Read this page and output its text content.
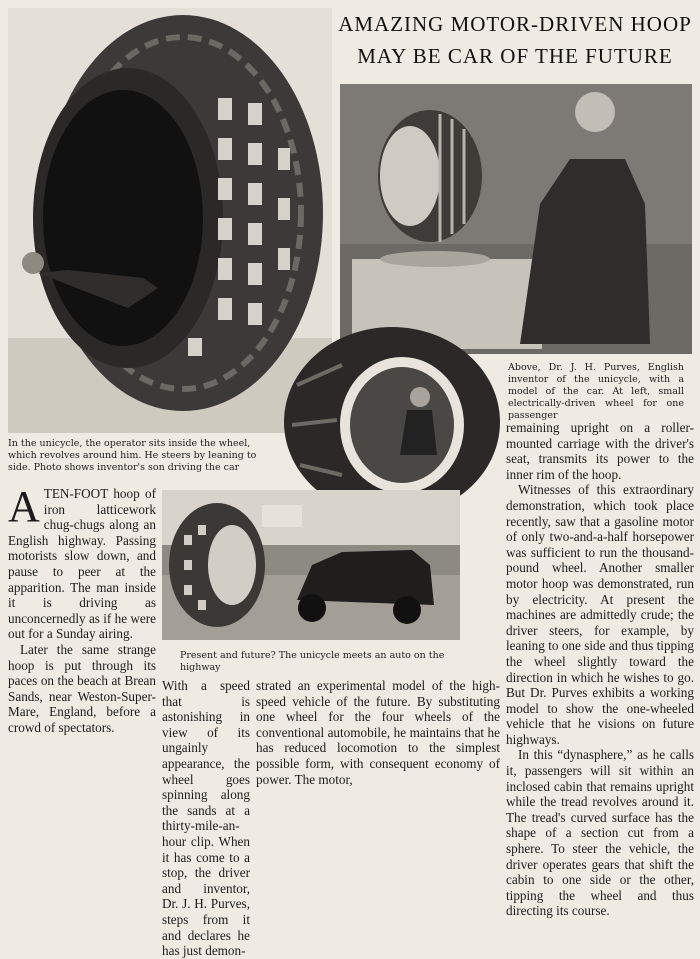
AMAZING MOTOR-DRIVEN HOOP
MAY BE CAR OF THE FUTURE
In the unicycle, the operator sits inside the wheel, which revolves around him. He steers by leaning to side. Photo shows inventor's son driving the car
Above, Dr. J. H. Purves, English inventor of the unicycle, with a model of the car. At left, small electrically-driven wheel for one passenger
Present and future? The unicycle meets an auto on the highway

A TEN-FOOT hoop of iron latticework chug-chugs along an English highway. Passing motorists slow down, and pause to peer at the apparition. The man inside it is driving as unconcernedly as if he were out for a Sunday airing.

Later the same strange hoop is put through its paces on the beach at Brean Sands, near Weston-Super-Mare, England, before a crowd of spectators.

With a speed that is astonishing in view of its ungainly appearance, the wheel goes spinning along the sands at a thirty-mile-an-hour clip. When it has come to a stop, the driver and inventor, Dr. J. H. Purves, steps from it and declares he has just demon-
strated an experimental model of the high-speed vehicle of the future. By substituting one wheel for the four wheels of the conventional automobile, he maintains that he has reduced locomotion to the simplest possible form, with consequent economy of power. The motor,

remaining upright on a roller-mounted carriage with the driver's seat, transmits its power to the inner rim of the hoop.

Witnesses of this extraordinary demonstration, which took place recently, saw that a gasoline motor of only two-and-a-half horsepower was sufficient to run the thousand-pound wheel. Another smaller motor hoop was demonstrated, run by electricity. At present the machines are admittedly crude; the driver steers, for example, by leaning to one side and thus tipping the wheel slightly toward the direction in which he wishes to go. But Dr. Purves exhibits a working model to show the one-wheeled vehicle that he visions on future highways.

In this “dynasphere,” as he calls it, passengers will sit within an inclosed cabin that remains upright while the tread revolves around it. The tread's curved surface has the shape of a section cut from a sphere. To steer the vehicle, the driver operates gears that shift the cabin to one side or the other, tipping the wheel and thus directing its course.
